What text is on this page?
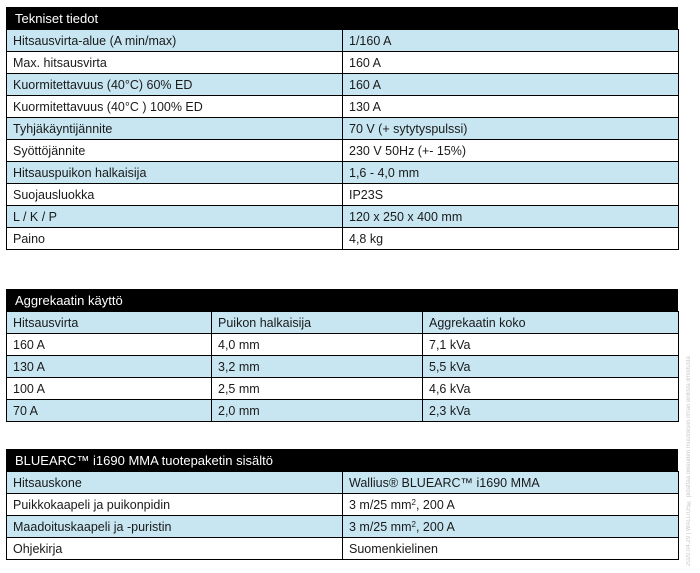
Tekniset tiedot
Hitsausvirta-alue (A min/max)	1/160 A
Max. hitsausvirta	160 A
Kuormitettavuus (40°C) 60% ED	160 A
Kuormitettavuus (40°C ) 100% ED	130 A
Tyhjäkäyntijännite	70 V (+ sytytyspulssi)
Syöttöjännite	230 V 50Hz (+- 15%)
Hitsauspuikon halkaisija	1,6 - 4,0 mm
Suojausluokka	IP23S
L / K / P	120 x 250 x 400 mm
Paino	4,8 kg
Aggrekaatin käyttö
Hitsausvirta	Puikon halkaisija	Aggrekaatin koko
160 A	4,0 mm	7,1 kVa
130 A	3,2 mm	5,5 kVa
100 A	2,5 mm	4,6 kVa
70 A	2,0 mm	2,3 kVa
BLUEARC™ i1690 MMA tuotepaketin sisältö
Hitsauskone	Wallius® BLUEARC™ i1690 MMA
Puikkokaapeli ja puikonpidin	3 m/25 $mm^2$, 200 A
Maadoituskaapeli ja -puristin	3 m/25 $mm^2$, 200 A
Ohjekirja	Suomenkielinen	2020.04.29 | WALLIUS® pidättää oikeuden muutoksiin ilman erillistä ilmoitusta
